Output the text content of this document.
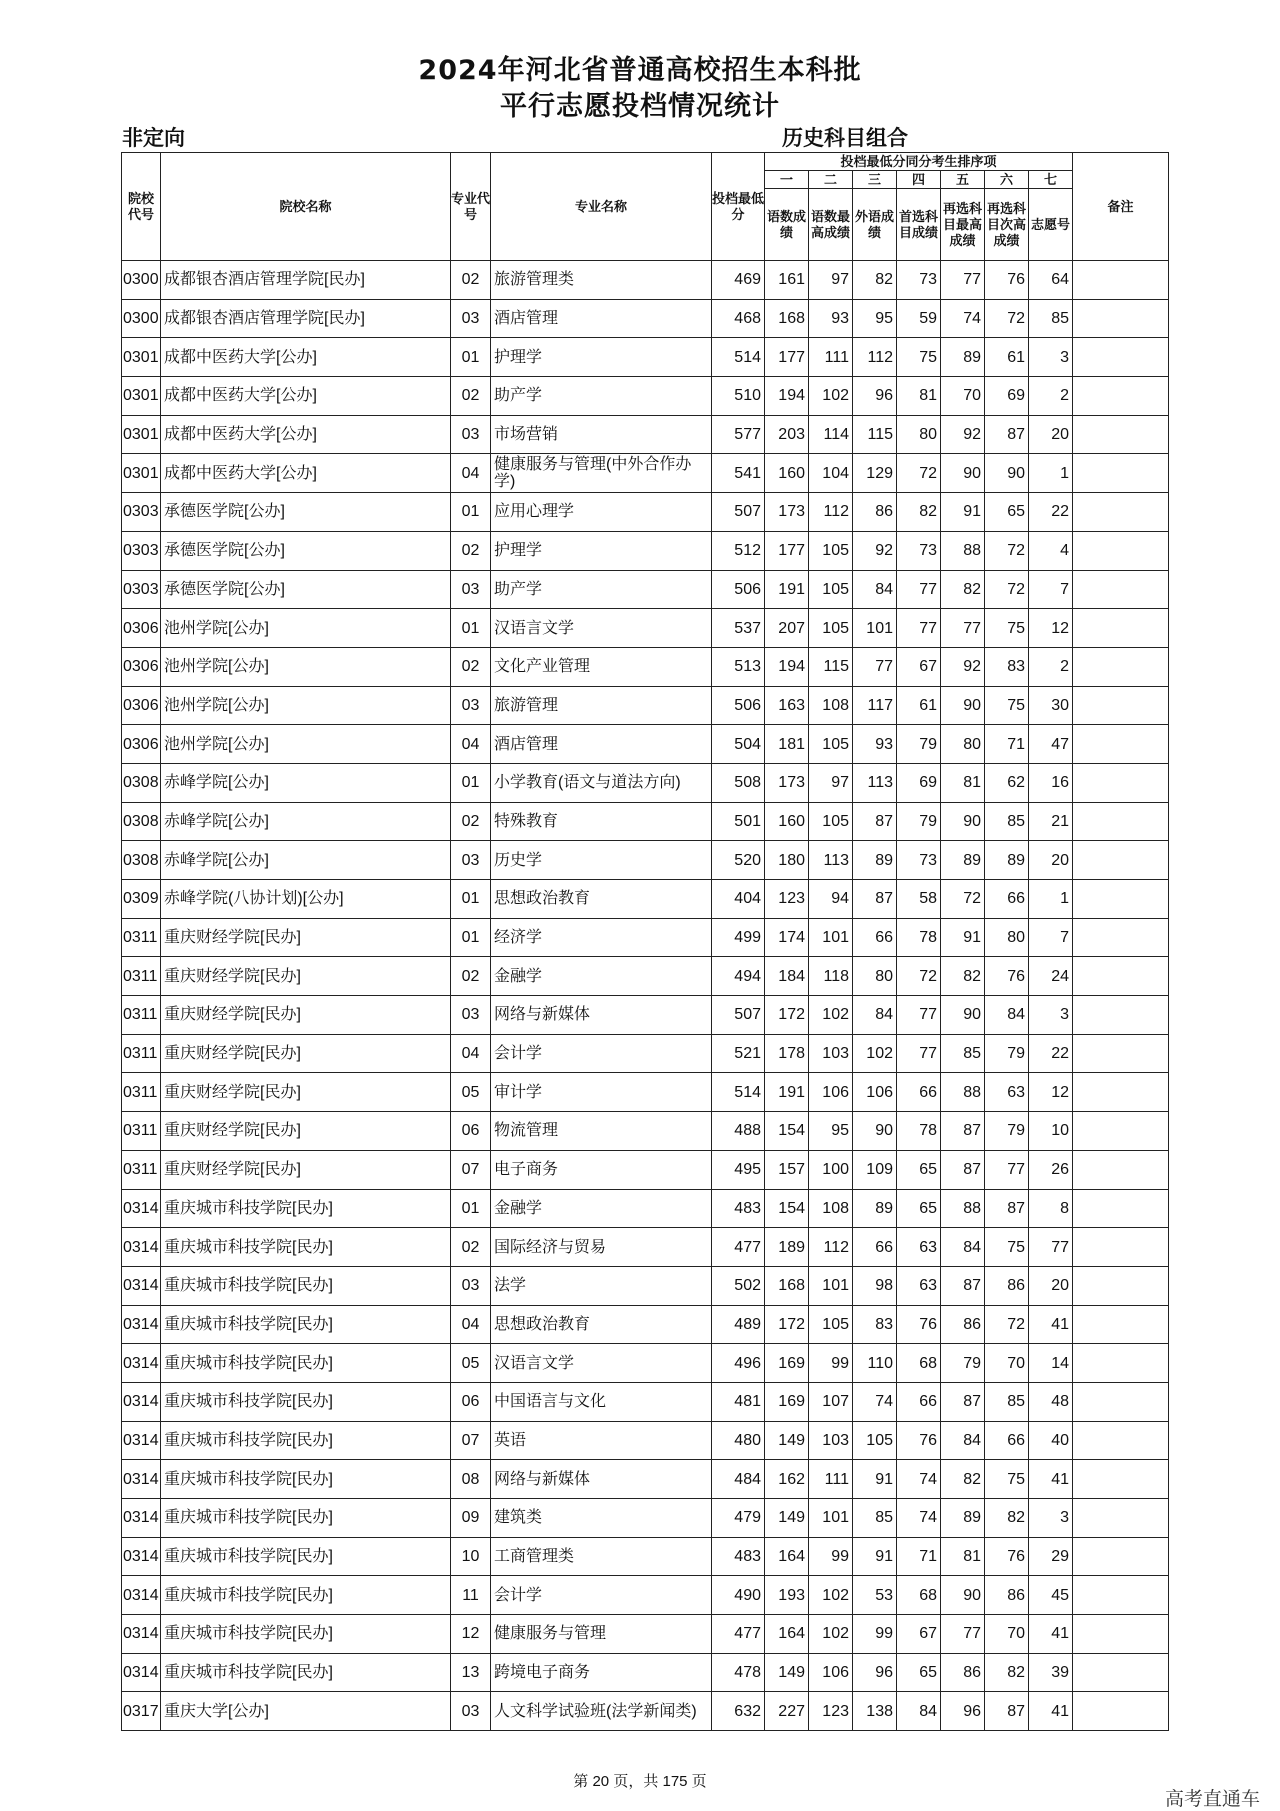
2024年河北省普通高校招生本科批
平行志愿投档情况统计
非定向	历史科目组合
院校代号	院校名称	专业代号	专业名称	投档最低分	投档最低分同分考生排序项							备注
					一	二	三	四	五	六	七	
					语数成绩	语数最高成绩	外语成绩	首选科目成绩	再选科目最高成绩	再选科目次高成绩	志愿号	
0300	成都银杏酒店管理学院[民办]	02	旅游管理类	469	161	97	82	73	77	76	64	
0300	成都银杏酒店管理学院[民办]	03	酒店管理	468	168	93	95	59	74	72	85	
0301	成都中医药大学[公办]	01	护理学	514	177	111	112	75	89	61	3	
0301	成都中医药大学[公办]	02	助产学	510	194	102	96	81	70	69	2	
0301	成都中医药大学[公办]	03	市场营销	577	203	114	115	80	92	87	20	
0301	成都中医药大学[公办]	04	健康服务与管理(中外合作办学)	541	160	104	129	72	90	90	1	
0303	承德医学院[公办]	01	应用心理学	507	173	112	86	82	91	65	22	
0303	承德医学院[公办]	02	护理学	512	177	105	92	73	88	72	4	
0303	承德医学院[公办]	03	助产学	506	191	105	84	77	82	72	7	
0306	池州学院[公办]	01	汉语言文学	537	207	105	101	77	77	75	12	
0306	池州学院[公办]	02	文化产业管理	513	194	115	77	67	92	83	2	
0306	池州学院[公办]	03	旅游管理	506	163	108	117	61	90	75	30	
0306	池州学院[公办]	04	酒店管理	504	181	105	93	79	80	71	47	
0308	赤峰学院[公办]	01	小学教育(语文与道法方向)	508	173	97	113	69	81	62	16	
0308	赤峰学院[公办]	02	特殊教育	501	160	105	87	79	90	85	21	
0308	赤峰学院[公办]	03	历史学	520	180	113	89	73	89	89	20	
0309	赤峰学院(八协计划)[公办]	01	思想政治教育	404	123	94	87	58	72	66	1	
0311	重庆财经学院[民办]	01	经济学	499	174	101	66	78	91	80	7	
0311	重庆财经学院[民办]	02	金融学	494	184	118	80	72	82	76	24	
0311	重庆财经学院[民办]	03	网络与新媒体	507	172	102	84	77	90	84	3	
0311	重庆财经学院[民办]	04	会计学	521	178	103	102	77	85	79	22	
0311	重庆财经学院[民办]	05	审计学	514	191	106	106	66	88	63	12	
0311	重庆财经学院[民办]	06	物流管理	488	154	95	90	78	87	79	10	
0311	重庆财经学院[民办]	07	电子商务	495	157	100	109	65	87	77	26	
0314	重庆城市科技学院[民办]	01	金融学	483	154	108	89	65	88	87	8	
0314	重庆城市科技学院[民办]	02	国际经济与贸易	477	189	112	66	63	84	75	77	
0314	重庆城市科技学院[民办]	03	法学	502	168	101	98	63	87	86	20	
0314	重庆城市科技学院[民办]	04	思想政治教育	489	172	105	83	76	86	72	41	
0314	重庆城市科技学院[民办]	05	汉语言文学	496	169	99	110	68	79	70	14	
0314	重庆城市科技学院[民办]	06	中国语言与文化	481	169	107	74	66	87	85	48	
0314	重庆城市科技学院[民办]	07	英语	480	149	103	105	76	84	66	40	
0314	重庆城市科技学院[民办]	08	网络与新媒体	484	162	111	91	74	82	75	41	
0314	重庆城市科技学院[民办]	09	建筑类	479	149	101	85	74	89	82	3	
0314	重庆城市科技学院[民办]	10	工商管理类	483	164	99	91	71	81	76	29	
0314	重庆城市科技学院[民办]	11	会计学	490	193	102	53	68	90	86	45	
0314	重庆城市科技学院[民办]	12	健康服务与管理	477	164	102	99	67	77	70	41	
0314	重庆城市科技学院[民办]	13	跨境电子商务	478	149	106	96	65	86	82	39	
0317	重庆大学[公办]	03	人文科学试验班(法学新闻类)	632	227	123	138	84	96	87	41	
第 20 页，共 175 页
高考直通车
